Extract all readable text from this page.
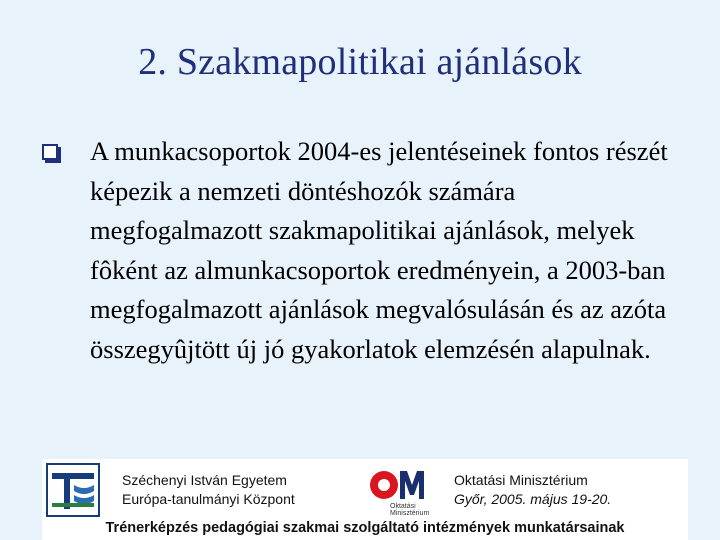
2. Szakmapolitikai ajánlások
A munkacsoportok 2004-es jelentéseinek fontos részét képezik a nemzeti döntéshozók számára megfogalmazott szakmapolitikai ajánlások, melyek fôként az almunkacsoportok eredményein, a 2003-ban megfogalmazott ajánlások megvalósulásán és az azóta összegyûjtött új jó gyakorlatok elemzésén alapulnak.
Széchenyi István Egyetem
Európa-tanulmányi Központ	Oktatási
Minisztérium
Oktatási Minisztérium
Győr, 2005. május 19-20.
Trénerképzés pedagógiai szakmai szolgáltató intézmények munkatársainak
